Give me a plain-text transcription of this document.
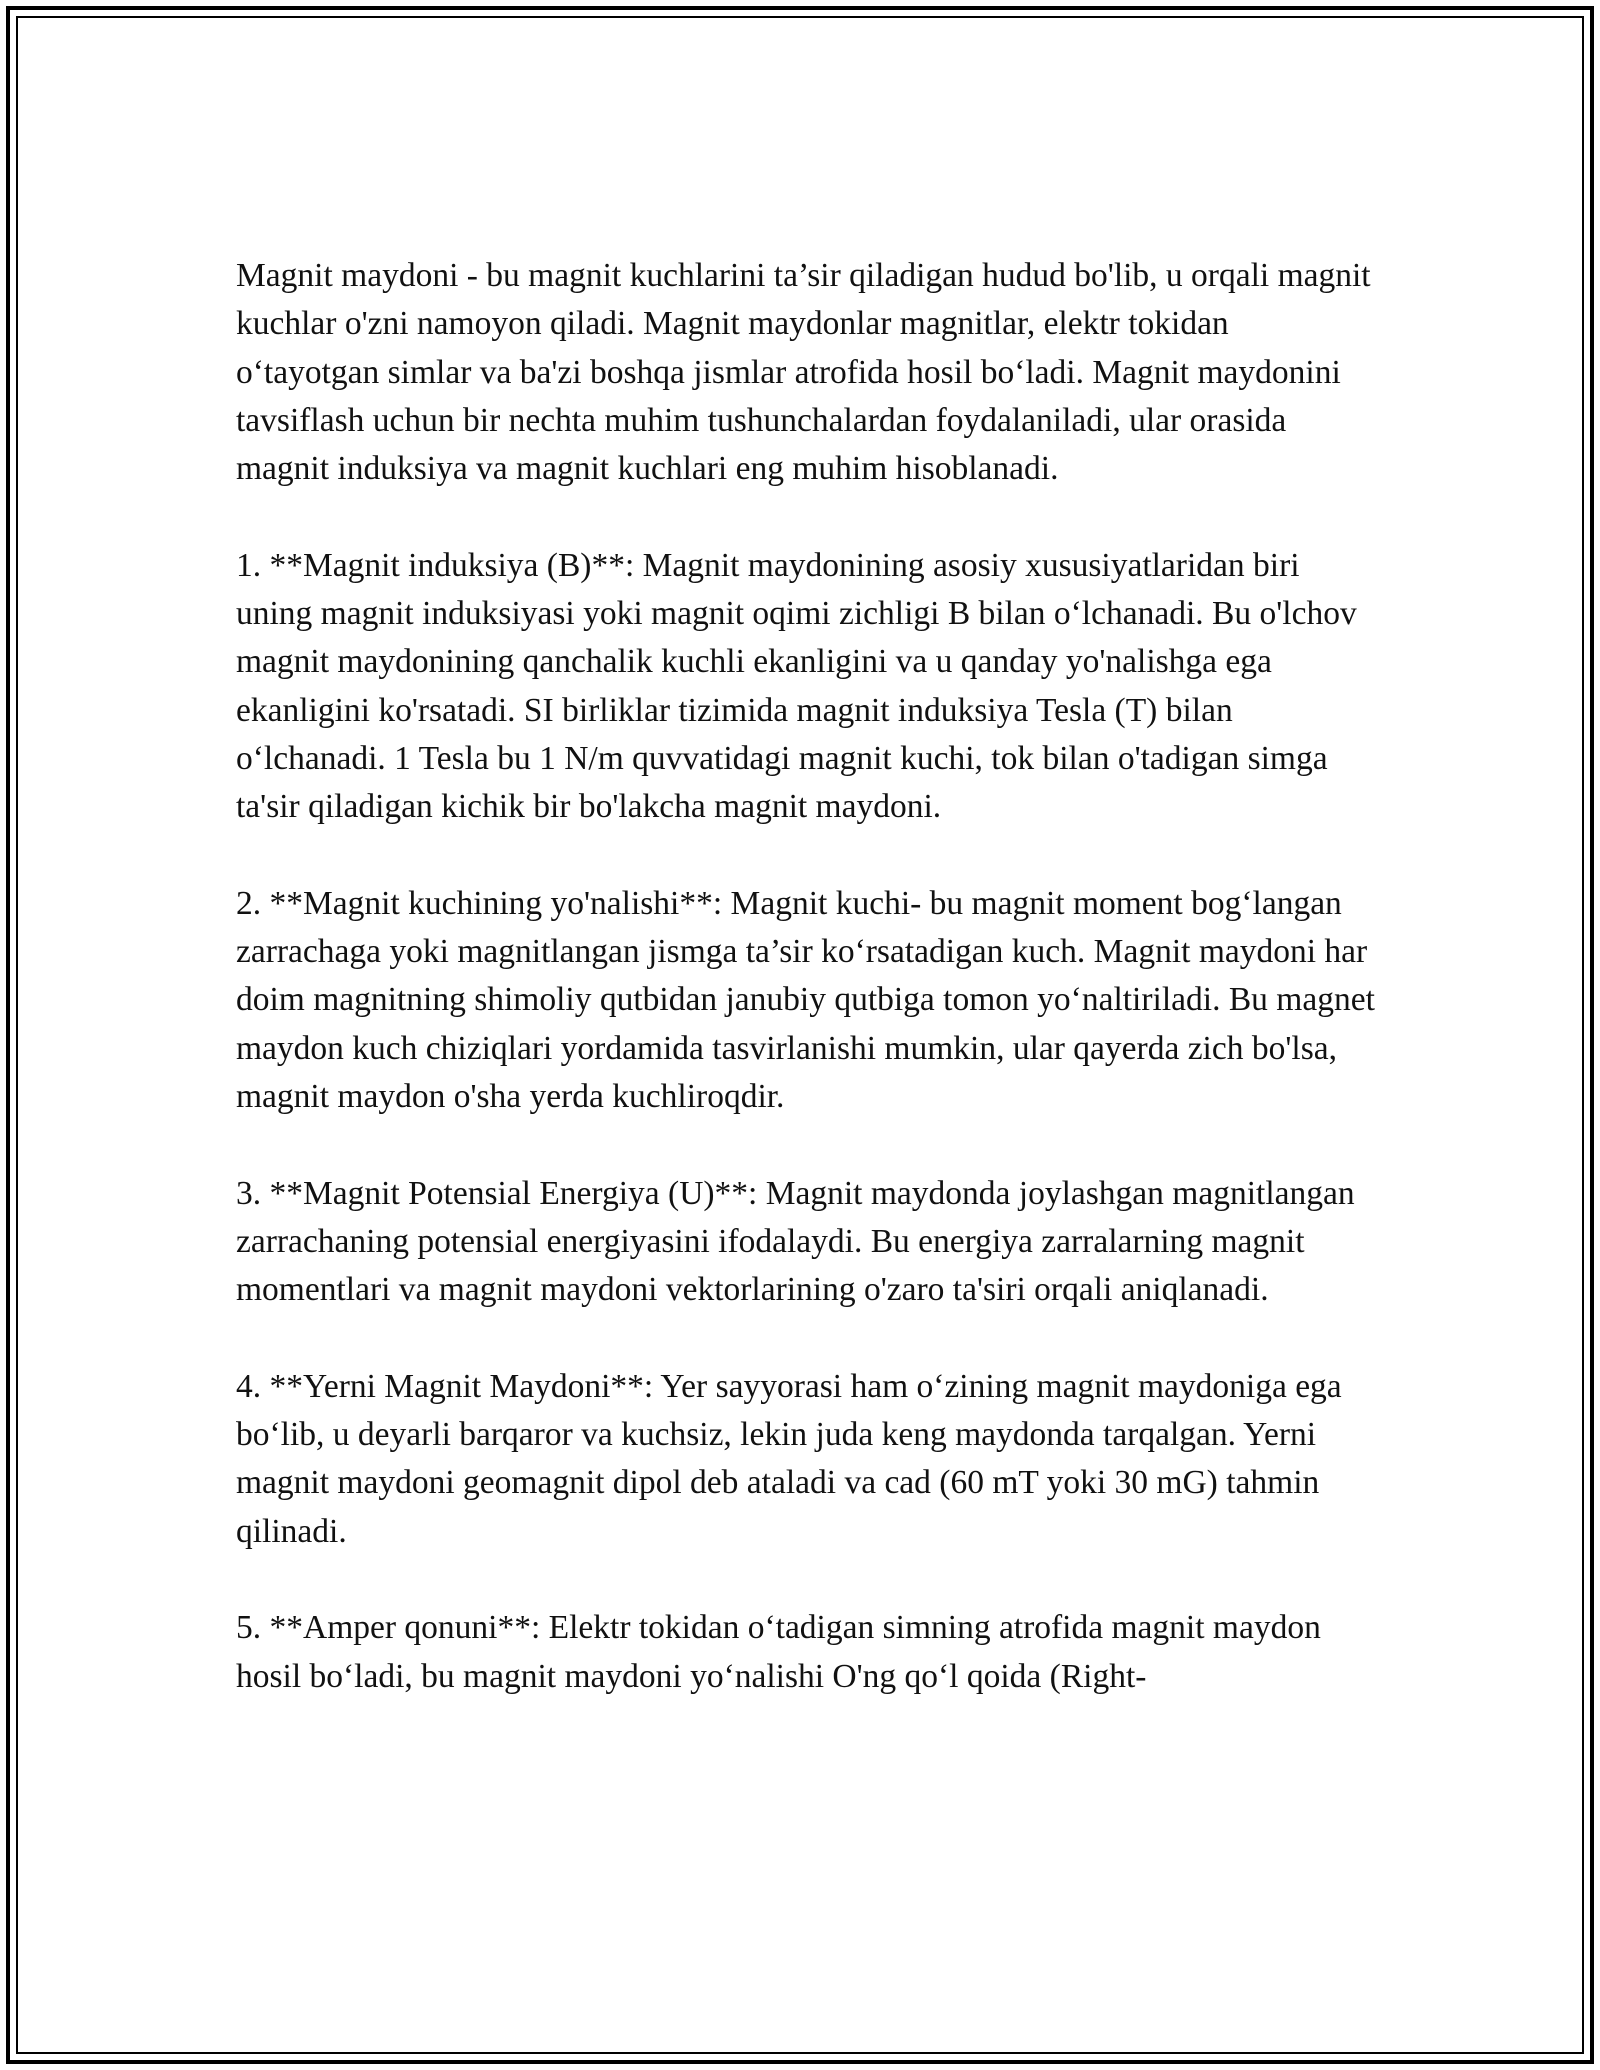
Magnit maydoni - bu magnit kuchlarini ta’sir qiladigan hudud bo'lib, u orqali magnit kuchlar o'zni namoyon qiladi. Magnit maydonlar magnitlar, elektr tokidan o‘tayotgan simlar va ba'zi boshqa jismlar atrofida hosil bo‘ladi. Magnit maydonini tavsiflash uchun bir nechta muhim tushunchalardan foydalaniladi, ular orasida magnit induksiya va magnit kuchlari eng muhim hisoblanadi.

1. **Magnit induksiya (B)**: Magnit maydonining asosiy xususiyatlaridan biri uning magnit induksiyasi yoki magnit oqimi zichligi B bilan o‘lchanadi. Bu o'lchov magnit maydonining qanchalik kuchli ekanligini va u qanday yo'nalishga ega ekanligini ko'rsatadi. SI birliklar tizimida magnit induksiya Tesla (T) bilan o‘lchanadi. 1 Tesla bu 1 N/m quvvatidagi magnit kuchi, tok bilan o'tadigan simga ta'sir qiladigan kichik bir bo'lakcha magnit maydoni.

2. **Magnit kuchining yo'nalishi**: Magnit kuchi- bu magnit moment bog‘langan zarrachaga yoki magnitlangan jismga ta’sir ko‘rsatadigan kuch. Magnit maydoni har doim magnitning shimoliy qutbidan janubiy qutbiga tomon yo‘naltiriladi. Bu magnet maydon kuch chiziqlari yordamida tasvirlanishi mumkin, ular qayerda zich bo'lsa, magnit maydon o'sha yerda kuchliroqdir.

3. **Magnit Potensial Energiya (U)**: Magnit maydonda joylashgan magnitlangan zarrachaning potensial energiyasini ifodalaydi. Bu energiya zarralarning magnit momentlari va magnit maydoni vektorlarining o'zaro ta'siri orqali aniqlanadi.

4. **Yerni Magnit Maydoni**: Yer sayyorasi ham o‘zining magnit maydoniga ega bo‘lib, u deyarli barqaror va kuchsiz, lekin juda keng maydonda tarqalgan. Yerni magnit maydoni geomagnit dipol deb ataladi va cad (60 mT yoki 30 mG) tahmin qilinadi.

5. **Amper qonuni**: Elektr tokidan o‘tadigan simning atrofida magnit maydon hosil bo‘ladi, bu magnit maydoni yo‘nalishi O'ng qo‘l qoida (Right-
